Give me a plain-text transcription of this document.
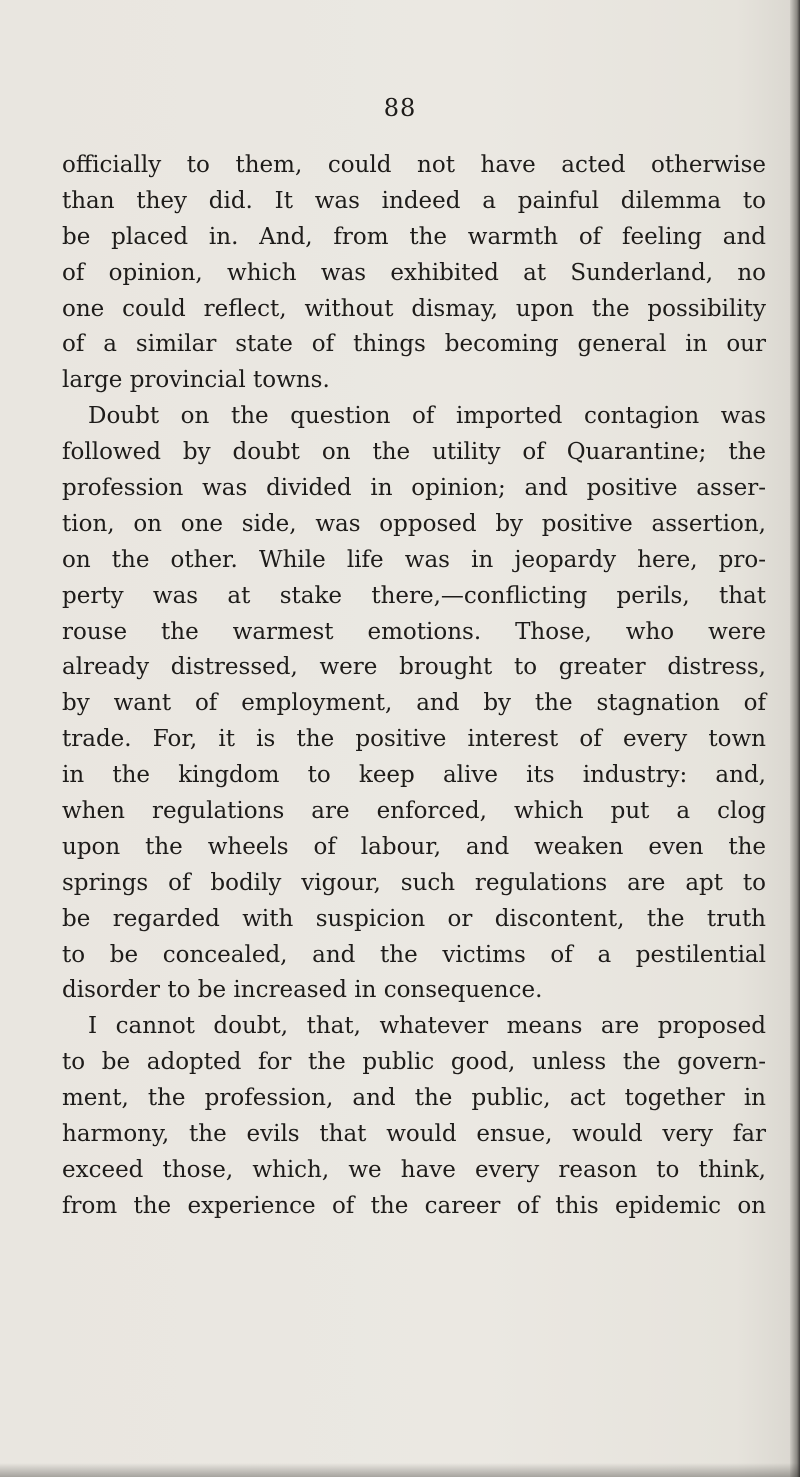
88
officially to them, could not have acted otherwise
than they did. It was indeed a painful dilemma to
be placed in. And, from the warmth of feeling and
of opinion, which was exhibited at Sunderland, no
one could reflect, without dismay, upon the possibility
of a similar state of things becoming general in our
large provincial towns.
Doubt on the question of imported contagion was
followed by doubt on the utility of Quarantine; the
profession was divided in opinion; and positive asser-
tion, on one side, was opposed by positive assertion,
on the other. While life was in jeopardy here, pro-
perty was at stake there,—conflicting perils, that
rouse the warmest emotions. Those, who were
already distressed, were brought to greater distress,
by want of employment, and by the stagnation of
trade. For, it is the positive interest of every town
in the kingdom to keep alive its industry: and,
when regulations are enforced, which put a clog
upon the wheels of labour, and weaken even the
springs of bodily vigour, such regulations are apt to
be regarded with suspicion or discontent, the truth
to be concealed, and the victims of a pestilential
disorder to be increased in consequence.
I cannot doubt, that, whatever means are proposed
to be adopted for the public good, unless the govern-
ment, the profession, and the public, act together in
harmony, the evils that would ensue, would very far
exceed those, which, we have every reason to think,
from the experience of the career of this epidemic on
